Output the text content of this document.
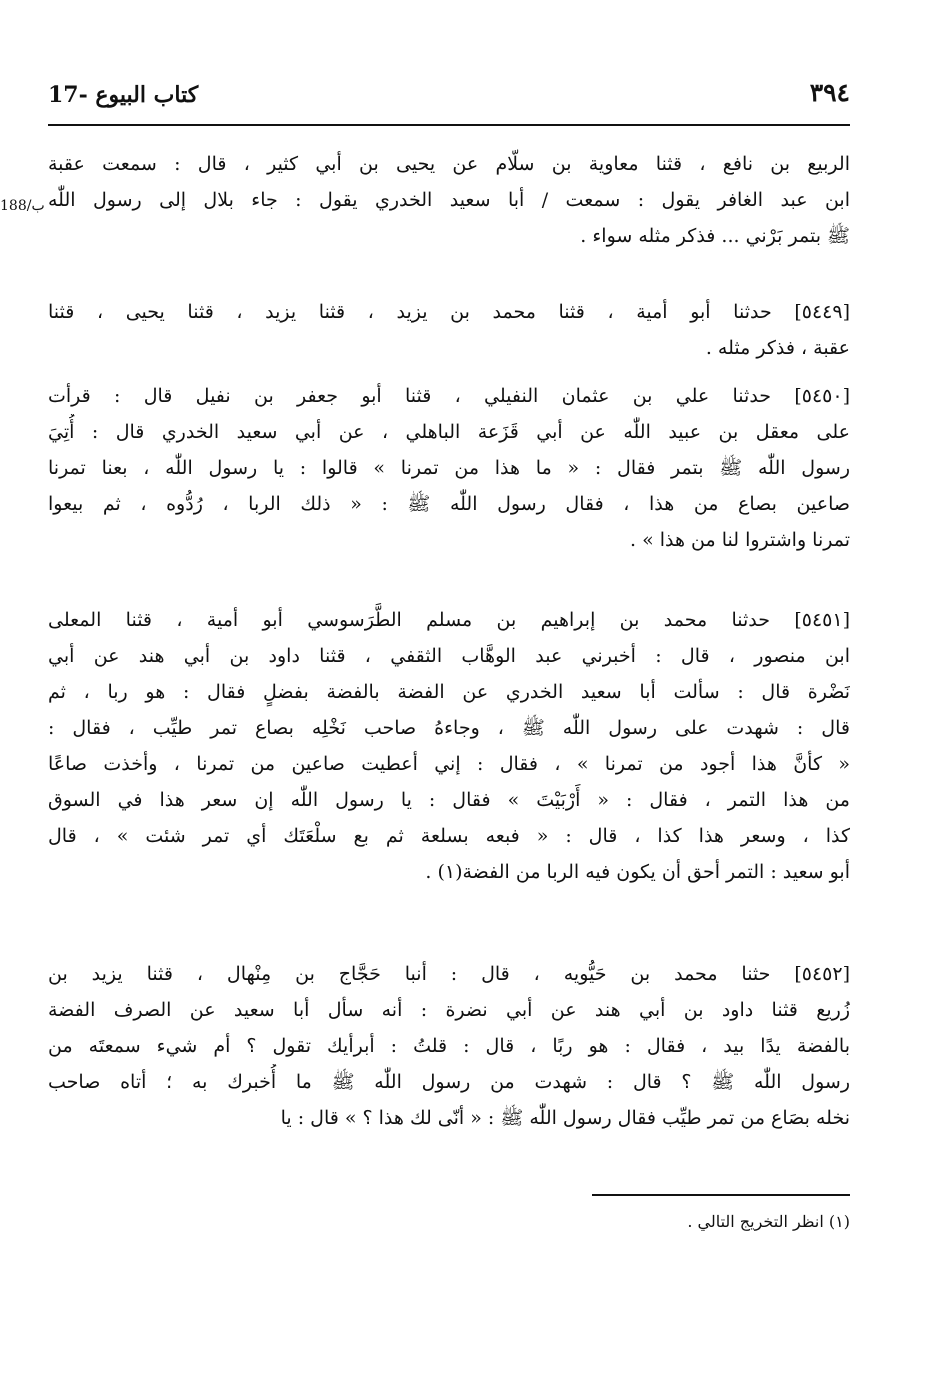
٣٩٤
17- كتاب البيوع
188/ب
الربيع بن نافع ، قثنا معاوية بن سلّام عن يحيى بن أبي كثير ، قال : سمعت عقبة
ابن عبد الغافر يقول : سمعت / أبا سعيد الخدري يقول : جاء بلال إلى رسول اللّٰه
ﷺ بتمر بَرْني ... فذكر مثله سواء .
[٥٤٤٩] حدثنا أبو أمية ، قثنا محمد بن يزيد ، قثنا يزيد ، قثنا يحيى ، قثنا
عقبة ، فذكر مثله .
[٥٤٥٠] حدثنا علي بن عثمان النفيلي ، قثنا أبو جعفر بن نفيل قال : قرأت
على معقل بن عبيد اللّٰه عن أبي قَزَعة الباهلي ، عن أبي سعيد الخدري قال : أُتِيَ
رسول اللّٰه ﷺ بتمر فقال : « ما هذا من تمرنا » قالوا : يا رسول اللّٰه ، بعنا تمرنا
صاعين بصاع من هذا ، فقال رسول اللّٰه ﷺ : « ذلك الربا ، رُدُّوه ، ثم بيعوا
تمرنا واشتروا لنا من هذا » .
[٥٤٥١] حدثنا محمد بن إبراهيم بن مسلم الطَّرَسوسي أبو أمية ، قثنا المعلى
ابن منصور ، قال : أخبرني عبد الوهَّاب الثقفي ، قثنا داود بن أبي هند عن أبي
نَضْرة قال : سألت أبا سعيد الخدري عن الفضة بالفضة بفضلٍ فقال : هو ربا ، ثم
قال : شهدت على رسول اللّٰه ﷺ ، وجاءهُ صاحب نَخْلِه بصاع تمر طيِّب ، فقال :
« كأنَّ هذا أجود من تمرنا » ، فقال : إني أعطيت صاعين من تمرنا ، وأخذت صاعًا
من هذا التمر ، فقال : « أَرْبَيْتَ » فقال : يا رسول اللّٰه إن سعر هذا في السوق
كذا ، وسعر هذا كذا ، قال : « فبعه بسلعة ثم بع سلْعَتَك أي تمر شئت » ، قال
أبو سعيد : التمر أحق أن يكون فيه الربا من الفضة(١) .
[٥٤٥٢] حثنا محمد بن حَيُّويه ، قال : أنبا حَجَّاج بن مِنْهال ، قثنا يزيد بن
زُريع قثنا داود بن أبي هند عن أبي نضرة : أنه سأل أبا سعيد عن الصرف الفضة
بالفضة يدًا بيد ، فقال : هو ربًا ، قال : قلتُ : أبرأيك تقول ؟ أم شيء سمعتَه من
رسول اللّٰه ﷺ ؟ قال : شهدت من رسول اللّٰه ﷺ ما أُخبرك به ؛ أتاه صاحب
نخله بصَاع من تمر طيِّب فقال رسول اللّٰه ﷺ : « أنّى لك هذا ؟ » قال : يا
(١) انظر التخريج التالي .
